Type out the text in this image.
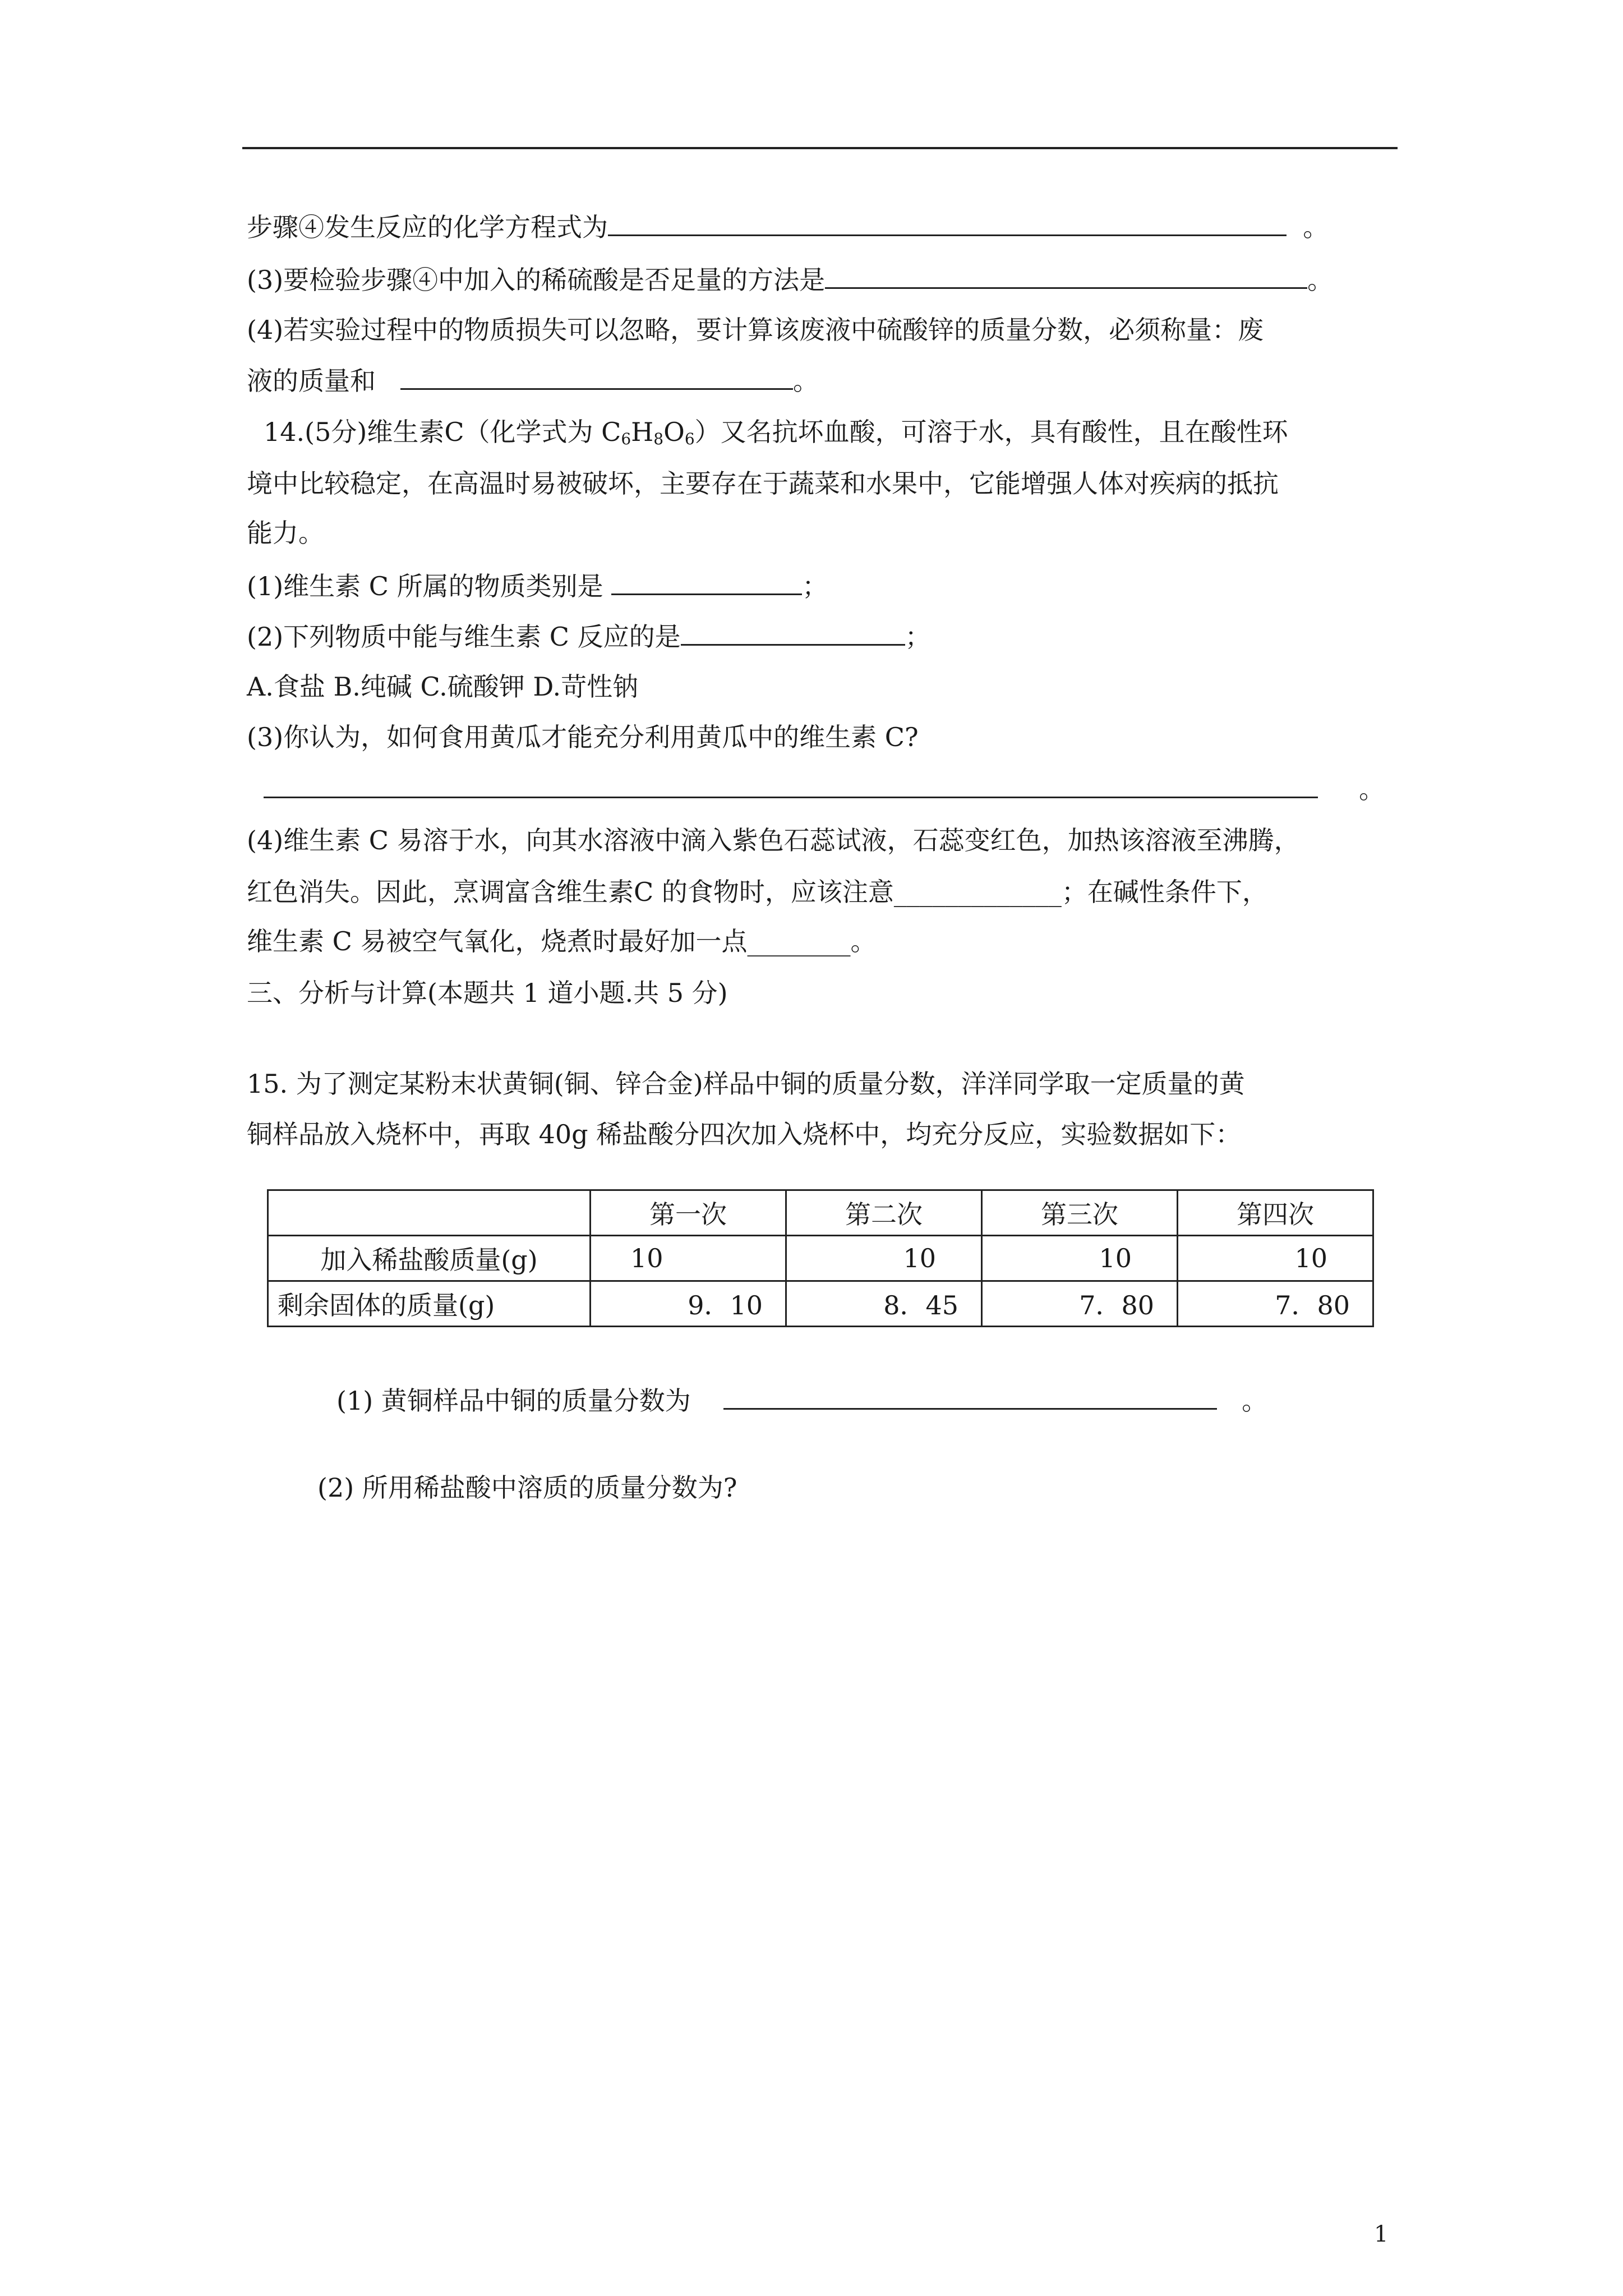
步骤④发生反应的化学方程式为	。
(3)要检验步骤④中加入的稀硫酸是否足量的方法是	。
(4)若实验过程中的物质损失可以忽略，要计算该废液中硫酸锌的质量分数，必须称量：废
液的质量和	。
14.(5分)维生素C（化学式为 $C_6H_8O_6$）又名抗坏血酸，可溶于水，具有酸性，且在酸性环
境中比较稳定，在高温时易被破坏，主要存在于蔬菜和水果中，它能增强人体对疾病的抵抗
能力。
(1)维生素 C 所属的物质类别是	；
(2)下列物质中能与维生素 C 反应的是	；
A.食盐 B.纯碱 C.硫酸钾 D.苛性钠
(3)你认为，如何食用黄瓜才能充分利用黄瓜中的维生素 C?
。
(4)维生素 C 易溶于水，向其水溶液中滴入紫色石蕊试液，石蕊变红色，加热该溶液至沸腾，
红色消失。因此，烹调富含维生素C 的食物时，应该注意_____________；在碱性条件下，
维生素 C 易被空气氧化，烧煮时最好加一点________。
三、分析与计算(本题共 1 道小题.共 5 分)
15. 为了测定某粉末状黄铜(铜、锌合金)样品中铜的质量分数，洋洋同学取一定质量的黄
铜样品放入烧杯中，再取 40g 稀盐酸分四次加入烧杯中，均充分反应，实验数据如下：
	第一次	第二次	第三次	第四次
加入稀盐酸质量(g)	10	10	10	10
剩余固体的质量(g)	9．10	8．45	7．80	7．80
(1) 黄铜样品中铜的质量分数为	。
(2) 所用稀盐酸中溶质的质量分数为?
1
